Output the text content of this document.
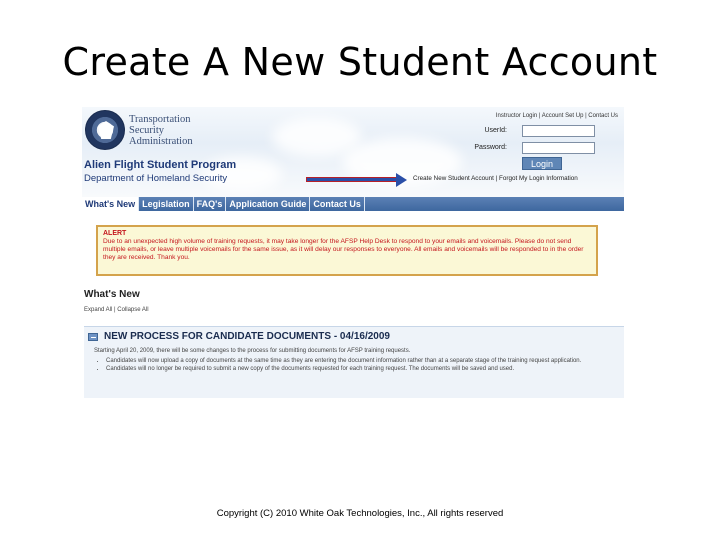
Create A New Student Account
Transportation
Security
Administration
Alien Flight Student Program
Department of Homeland Security
Instructor Login | Account Set Up | Contact Us
UserId:
Password:
Login
Create New Student Account | Forgot My Login Information
What's New Legislation FAQ's Application Guide Contact Us
ALERT
Due to an unexpected high volume of training requests, it may take longer for the AFSP Help Desk to respond to your emails and voicemails. Please do not send multiple emails, or leave multiple voicemails for the same issue, as it will delay our responses to everyone. All emails and voicemails will be responded to in the order they are received. Thank you.
What's New
Expand All | Collapse All
NEW PROCESS FOR CANDIDATE DOCUMENTS - 04/16/2009
Starting April 20, 2009, there will be some changes to the process for submitting documents for AFSP training requests.
• Candidates will now upload a copy of documents at the same time as they are entering the document information rather than at a separate stage of the training request application.
• Candidates will no longer be required to submit a new copy of the documents requested for each training request. The documents will be saved and used.
Copyright (C) 2010 White Oak Technologies, Inc., All rights reserved
